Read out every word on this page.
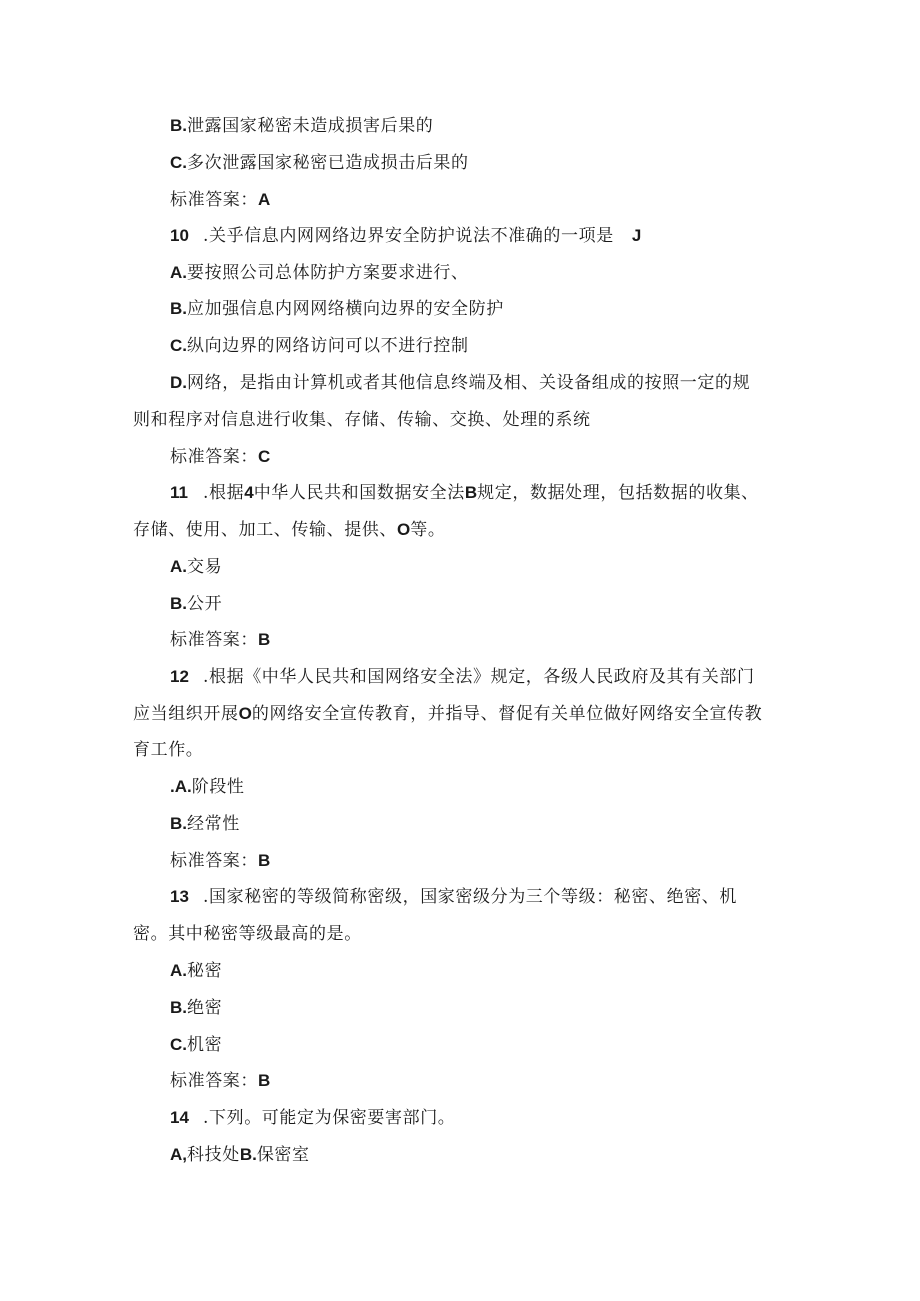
B.泄露国家秘密未造成损害后果的
C.多次泄露国家秘密已造成损击后果的
标准答案：A
10 .关乎信息内网网络边界安全防护说法不准确的一项是 J
A.要按照公司总体防护方案要求进行、
B.应加强信息内网网络横向边界的安全防护
C.纵向边界的网络访问可以不进行控制
D.网络，是指由计算机或者其他信息终端及相、关设备组成的按照一定的规
则和程序对信息进行收集、存储、传输、交换、处理的系统
标准答案：C
11 .根据4中华人民共和国数据安全法B规定，数据处理，包括数据的收集、
存储、使用、加工、传输、提供、O等。
A.交易
B.公开
标准答案：B
12 .根据《中华人民共和国网络安全法》规定，各级人民政府及其有关部门
应当组织开展O的网络安全宣传教育，并指导、督促有关单位做好网络安全宣传教
育工作。
.A.阶段性
B.经常性
标准答案：B
13 .国家秘密的等级简称密级，国家密级分为三个等级：秘密、绝密、机
密。其中秘密等级最高的是。
A.秘密
B.绝密
C.机密
标准答案：B
14 .下列。可能定为保密要害部门。
A,科技处B.保密室
